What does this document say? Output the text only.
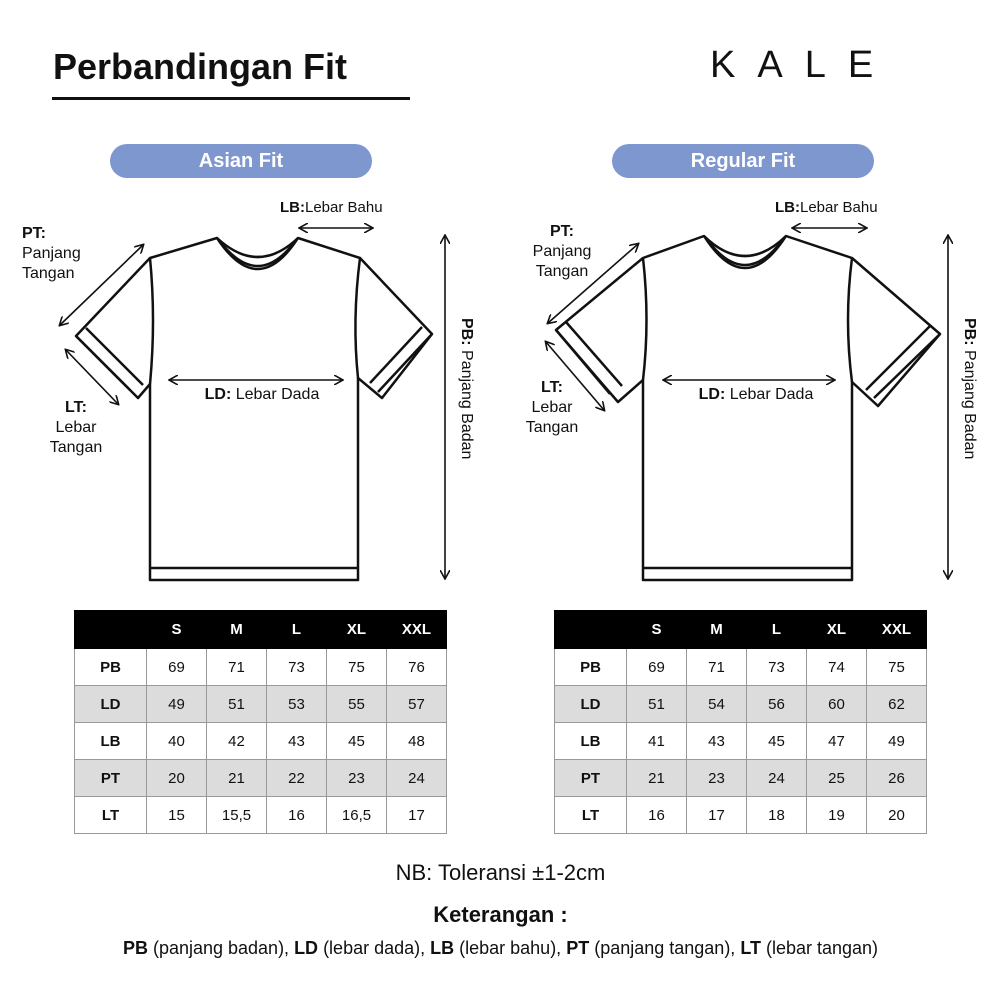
Perbandingan Fit	KALE
Asian Fit	Regular Fit
LB:Lebar Bahu
PT:
Panjang
Tangan
LT:
Lebar
Tangan
LD: Lebar Dada
PB: Panjang Badan
LB:Lebar Bahu
PT:
Panjang
Tangan
LT:
Lebar
Tangan
LD: Lebar Dada
PB: Panjang Badan
	S	M	L	XL	XXL
PB	69	71	73	75	76
LD	49	51	53	55	57
LB	40	42	43	45	48
PT	20	21	22	23	24
LT	15	15,5	16	16,5	17
	S	M	L	XL	XXL
PB	69	71	73	74	75
LD	51	54	56	60	62
LB	41	43	45	47	49
PT	21	23	24	25	26
LT	16	17	18	19	20
NB: Toleransi ±1-2cm
Keterangan :
PB (panjang badan), LD (lebar dada), LB (lebar bahu), PT (panjang tangan), LT (lebar tangan)
